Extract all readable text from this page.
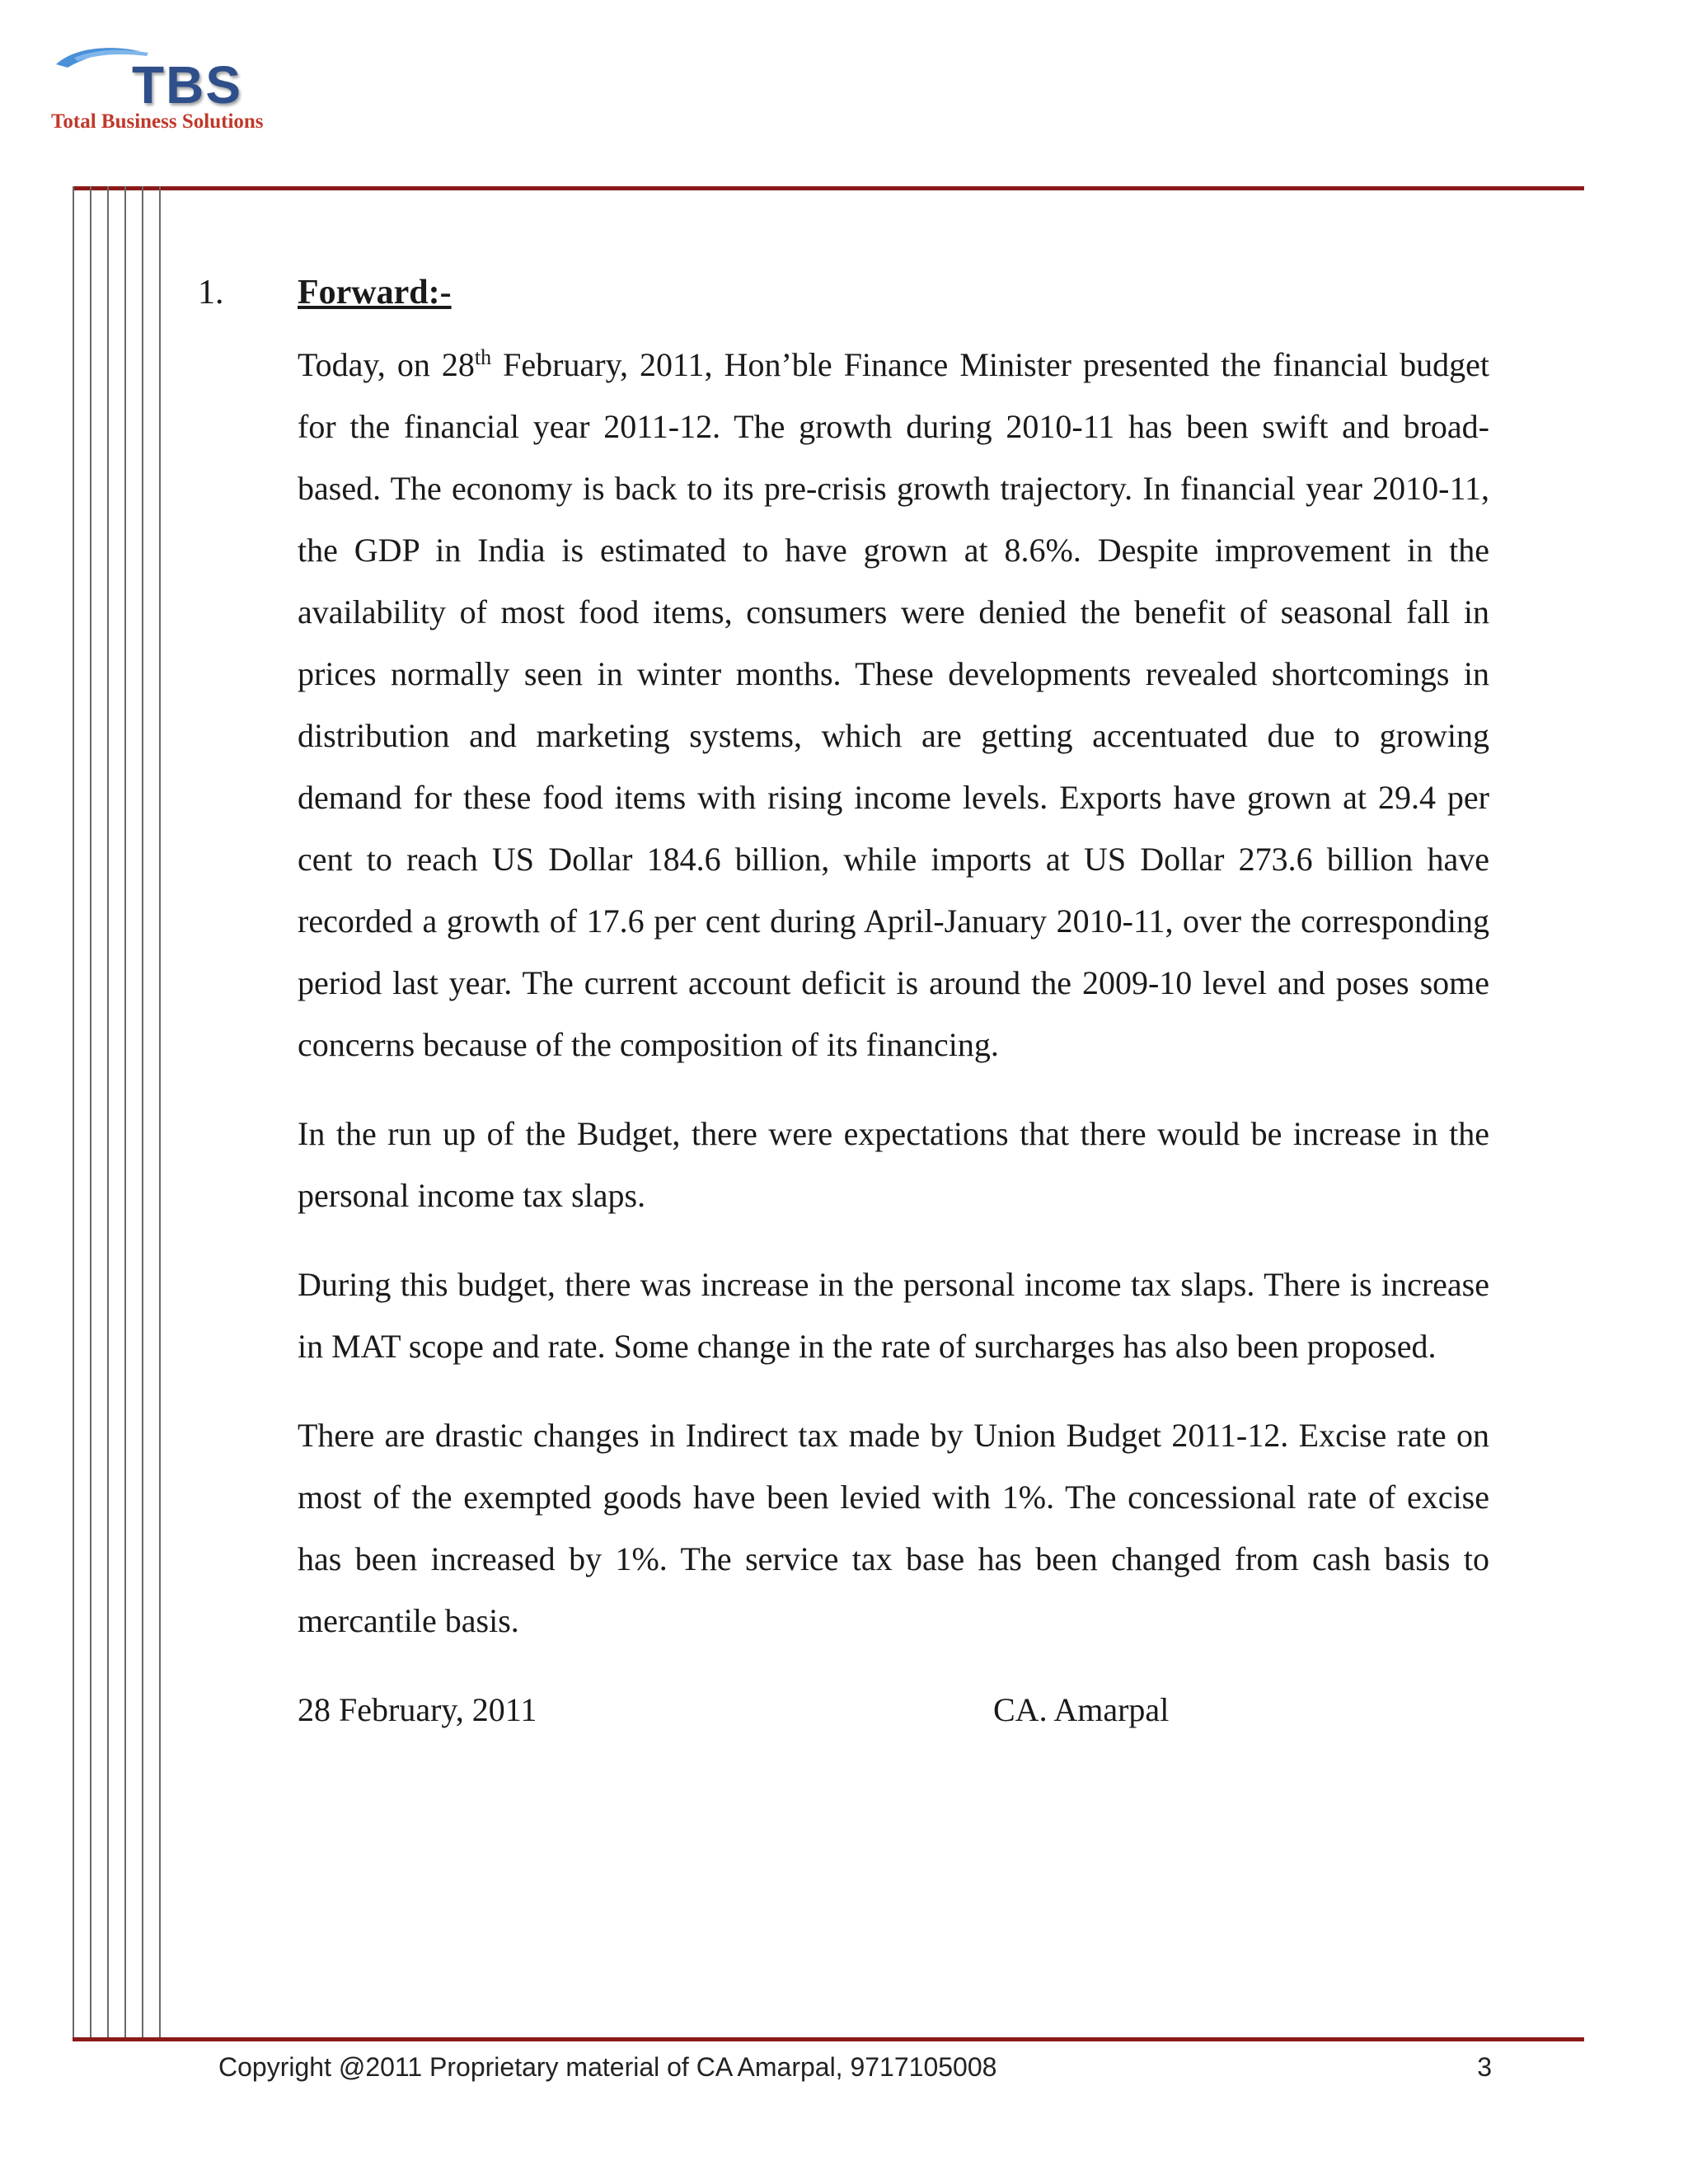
TBS
Total Business Solutions
1. Forward:-

Today, on 28th February, 2011, Hon’ble Finance Minister presented the financial budget for the financial year 2011-12. The growth during 2010-11 has been swift and broad-based. The economy is back to its pre-crisis growth trajectory. In financial year 2010-11, the GDP in India is estimated to have grown at 8.6%. Despite improvement in the availability of most food items, consumers were denied the benefit of seasonal fall in prices normally seen in winter months. These developments revealed shortcomings in distribution and marketing systems, which are getting accentuated due to growing demand for these food items with rising income levels. Exports have grown at 29.4 per cent to reach US Dollar 184.6 billion, while imports at US Dollar 273.6 billion have recorded a growth of 17.6 per cent during April-January 2010-11, over the corresponding period last year. The current account deficit is around the 2009-10 level and poses some concerns because of the composition of its financing.

In the run up of the Budget, there were expectations that there would be increase in the personal income tax slaps.

During this budget, there was increase in the personal income tax slaps. There is increase in MAT scope and rate. Some change in the rate of surcharges has also been proposed.

There are drastic changes in Indirect tax made by Union Budget 2011-12. Excise rate on most of the exempted goods have been levied with 1%. The concessional rate of excise has been increased by 1%. The service tax base has been changed from cash basis to mercantile basis.

28 February, 2011	CA. Amarpal
Copyright @2011 Proprietary material of CA Amarpal, 9717105008	3
